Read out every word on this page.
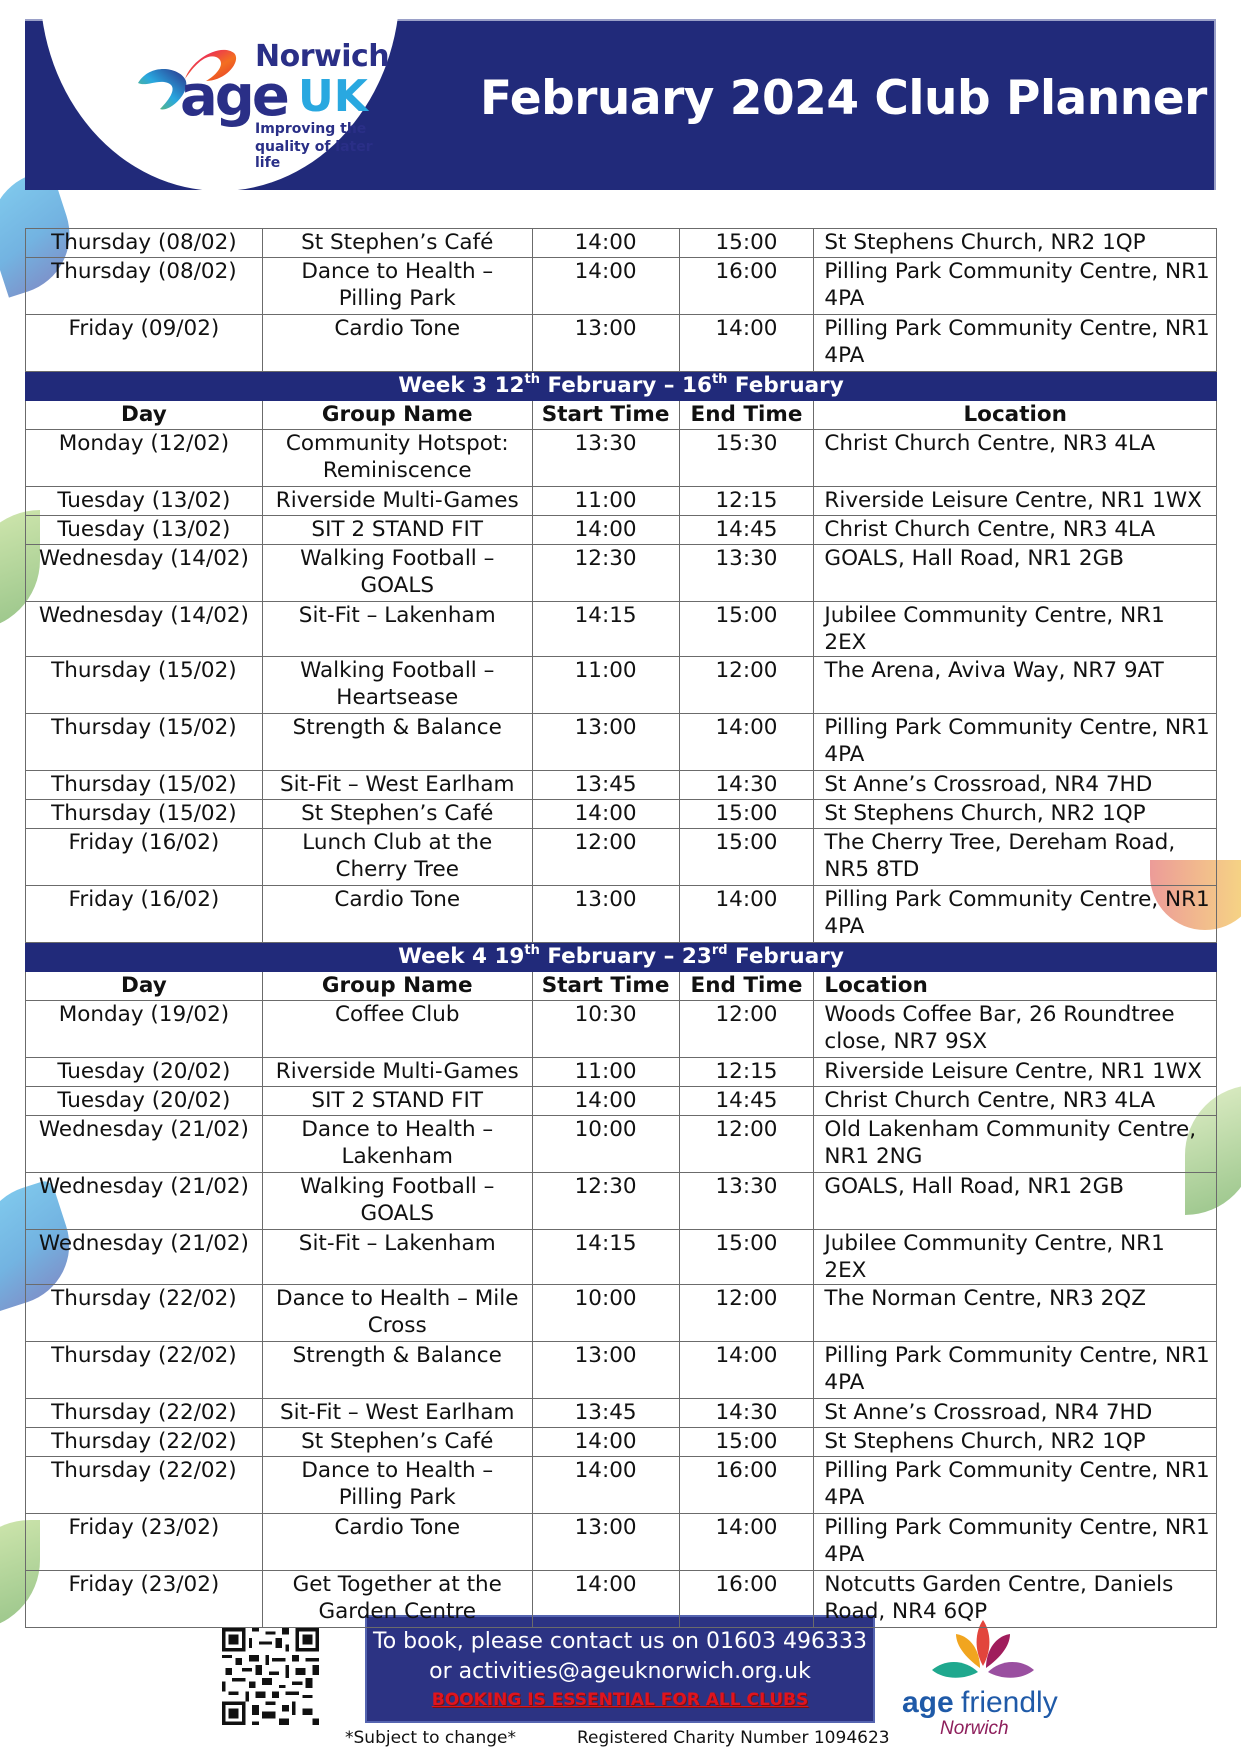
Norwich
age UK
Improving the
quality of later life
February 2024 Club Planner
Thursday (08/02)	St Stephen’s Café	14:00	15:00	St Stephens Church, NR2 1QP
Thursday (08/02)	Dance to Health – Pilling Park	14:00	16:00	Pilling Park Community Centre, NR1 4PA
Friday (09/02)	Cardio Tone	13:00	14:00	Pilling Park Community Centre, NR1 4PA
Week 3 12th February – 16th February				
Day	Group Name	Start Time	End Time	Location
Monday (12/02)	Community Hotspot: Reminiscence	13:30	15:30	Christ Church Centre, NR3 4LA
Tuesday (13/02)	Riverside Multi-Games	11:00	12:15	Riverside Leisure Centre, NR1 1WX
Tuesday (13/02)	SIT 2 STAND FIT	14:00	14:45	Christ Church Centre, NR3 4LA
Wednesday (14/02)	Walking Football – GOALS	12:30	13:30	GOALS, Hall Road, NR1 2GB
Wednesday (14/02)	Sit-Fit – Lakenham	14:15	15:00	Jubilee Community Centre, NR1 2EX
Thursday (15/02)	Walking Football – Heartsease	11:00	12:00	The Arena, Aviva Way, NR7 9AT
Thursday (15/02)	Strength & Balance	13:00	14:00	Pilling Park Community Centre, NR1 4PA
Thursday (15/02)	Sit-Fit – West Earlham	13:45	14:30	St Anne’s Crossroad, NR4 7HD
Thursday (15/02)	St Stephen’s Café	14:00	15:00	St Stephens Church, NR2 1QP
Friday (16/02)	Lunch Club at the Cherry Tree	12:00	15:00	The Cherry Tree, Dereham Road, NR5 8TD
Friday (16/02)	Cardio Tone	13:00	14:00	Pilling Park Community Centre, NR1 4PA
Week 4 19th February – 23rd February				
Day	Group Name	Start Time	End Time	Location
Monday (19/02)	Coffee Club	10:30	12:00	Woods Coffee Bar, 26 Roundtree close, NR7 9SX
Tuesday (20/02)	Riverside Multi-Games	11:00	12:15	Riverside Leisure Centre, NR1 1WX
Tuesday (20/02)	SIT 2 STAND FIT	14:00	14:45	Christ Church Centre, NR3 4LA
Wednesday (21/02)	Dance to Health – Lakenham	10:00	12:00	Old Lakenham Community Centre, NR1 2NG
Wednesday (21/02)	Walking Football – GOALS	12:30	13:30	GOALS, Hall Road, NR1 2GB
Wednesday (21/02)	Sit-Fit – Lakenham	14:15	15:00	Jubilee Community Centre, NR1 2EX
Thursday (22/02)	Dance to Health – Mile Cross	10:00	12:00	The Norman Centre, NR3 2QZ
Thursday (22/02)	Strength & Balance	13:00	14:00	Pilling Park Community Centre, NR1 4PA
Thursday (22/02)	Sit-Fit – West Earlham	13:45	14:30	St Anne’s Crossroad, NR4 7HD
Thursday (22/02)	St Stephen’s Café	14:00	15:00	St Stephens Church, NR2 1QP
Thursday (22/02)	Dance to Health – Pilling Park	14:00	16:00	Pilling Park Community Centre, NR1 4PA
Friday (23/02)	Cardio Tone	13:00	14:00	Pilling Park Community Centre, NR1 4PA
Friday (23/02)	Get Together at the Garden Centre	14:00	16:00	Notcutts Garden Centre, Daniels Road, NR4 6QP
To book, please contact us on 01603 496333
or activities@ageuknorwich.org.uk
BOOKING IS ESSENTIAL FOR ALL CLUBS
*Subject to change*	Registered Charity Number 1094623
age friendly
Norwich
